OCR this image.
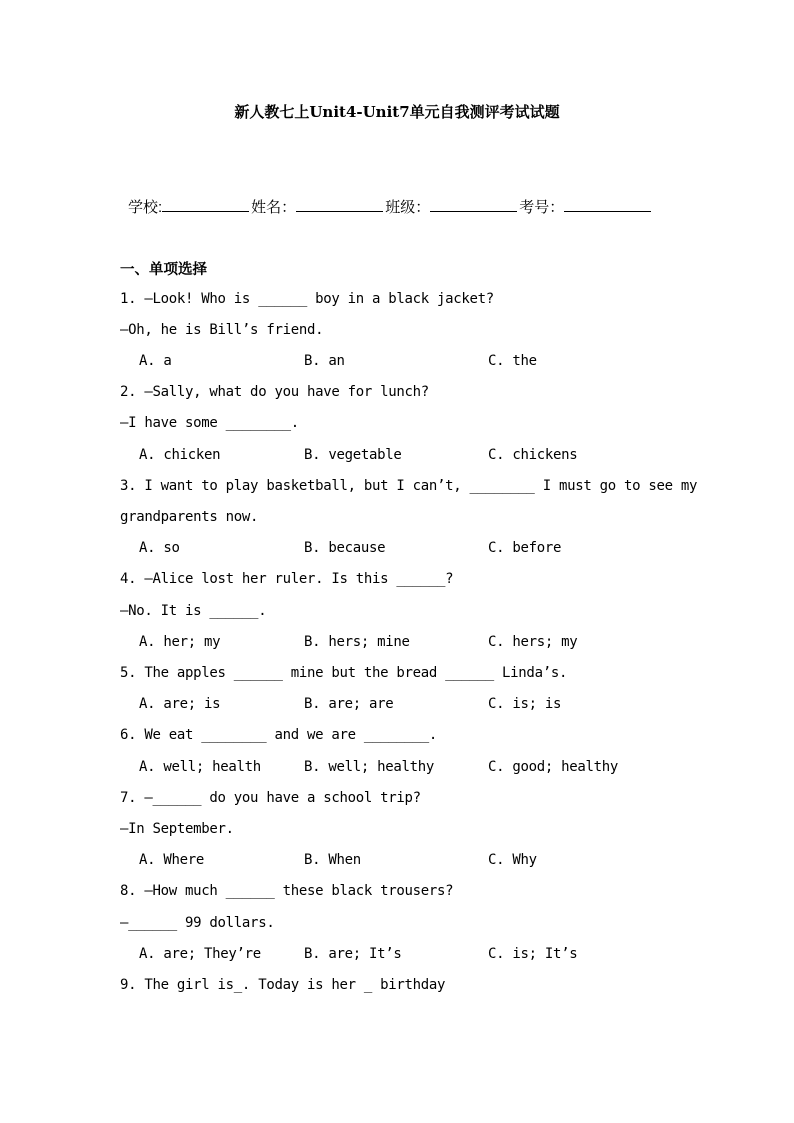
新人教七上Unit4-Unit7单元自我测评考试试题
学校:	姓名：	班级：	考号：
一、单项选择
1. —Look! Who is ______ boy in a black jacket?
—Oh, he is Bill’s friend.
A. a	B. an	C. the
2. —Sally, what do you have for lunch?
—I have some ________.
A. chicken	B. vegetable	C. chickens
3. I want to play basketball, but I can’t, ________ I must go to see my
grandparents now.
A. so	B. because	C. before
4. —Alice lost her ruler. Is this ______?
—No. It is ______.
A. her; my	B. hers; mine	C. hers; my
5. The apples ______ mine but the bread ______ Linda’s.
A. are; is	B. are; are	C. is; is
6. We eat ________ and we are ________.
A. well; health	B. well; healthy	C. good; healthy
7. —______ do you have a school trip?
—In September.
A. Where	B. When	C. Why
8. —How much ______ these black trousers?
—______ 99 dollars.
A. are; They’re	B. are; It’s	C. is; It’s
9. The girl is_. Today is her _ birthday
